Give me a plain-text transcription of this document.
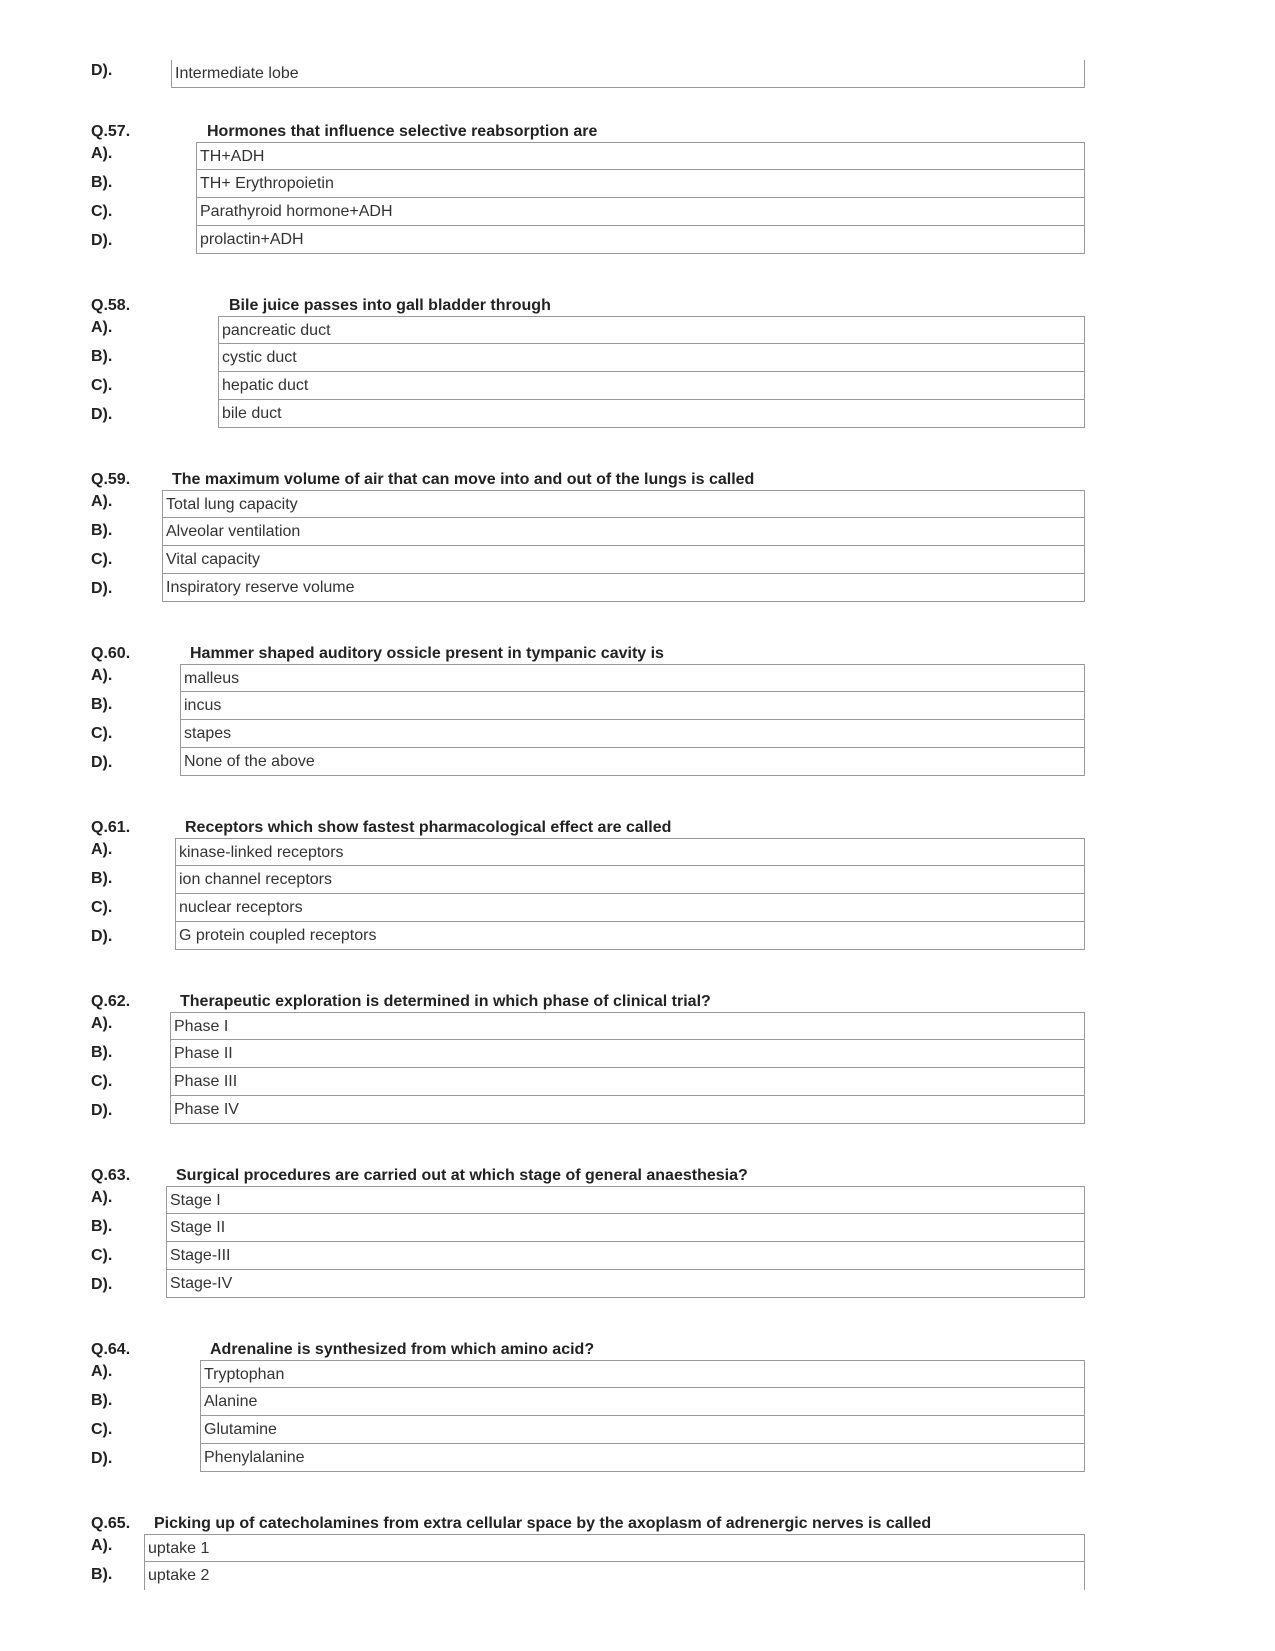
D).	Intermediate lobe
Q.57.	Hormones that influence selective reabsorption are
A).	TH+ADH
B).	TH+ Erythropoietin
C).	Parathyroid hormone+ADH
D).	prolactin+ADH
Q.58.	Bile juice passes into gall bladder through
A).	pancreatic duct
B).	cystic duct
C).	hepatic duct
D).	bile duct
Q.59.	The maximum volume of air that can move into and out of the lungs is called
A).	Total lung capacity
B).	Alveolar ventilation
C).	Vital capacity
D).	Inspiratory reserve volume
Q.60.	Hammer shaped auditory ossicle present in tympanic cavity is
A).	malleus
B).	incus
C).	stapes
D).	None of the above
Q.61.	Receptors which show fastest pharmacological effect are called
A).	kinase-linked receptors
B).	ion channel receptors
C).	nuclear receptors
D).	G protein coupled receptors
Q.62.	Therapeutic exploration is determined in which phase of clinical trial?
A).	Phase I
B).	Phase II
C).	Phase III
D).	Phase IV
Q.63.	Surgical procedures are carried out at which stage of general anaesthesia?
A).	Stage I
B).	Stage II
C).	Stage-III
D).	Stage-IV
Q.64.	Adrenaline is synthesized from which amino acid?
A).	Tryptophan
B).	Alanine
C).	Glutamine
D).	Phenylalanine
Q.65. Picking up of catecholamines from extra cellular space by the axoplasm of adrenergic nerves is called
A). uptake 1
B). uptake 2
